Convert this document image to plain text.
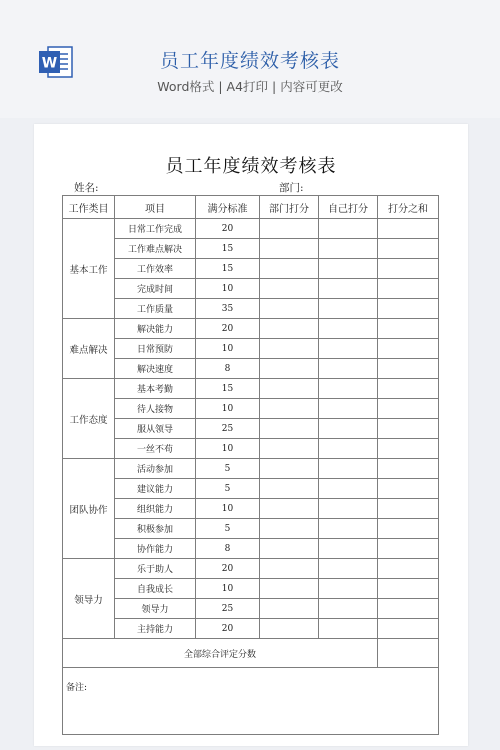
W	员工年度绩效考核表
Word格式 | A4打印 | 内容可更改
员工年度绩效考核表
姓名:	部门:
工作类目	项目	满分标准	部门打分	自己打分	打分之和
基本工作	日常工作完成	20			
	工作难点解决	15			
	工作效率	15			
	完成时间	10			
	工作质量	35			
难点解决	解决能力	20			
	日常预防	10			
	解决速度	8			
工作态度	基本考勤	15			
	待人接物	10			
	服从领导	25			
	一丝不苟	10			
团队协作	活动参加	5			
	建议能力	5			
	组织能力	10			
	积极参加	5			
	协作能力	8			
领导力	乐于助人	20			
	自我成长	10			
	领导力	25			
	主持能力	20			
全部综合评定分数					
备注:					
